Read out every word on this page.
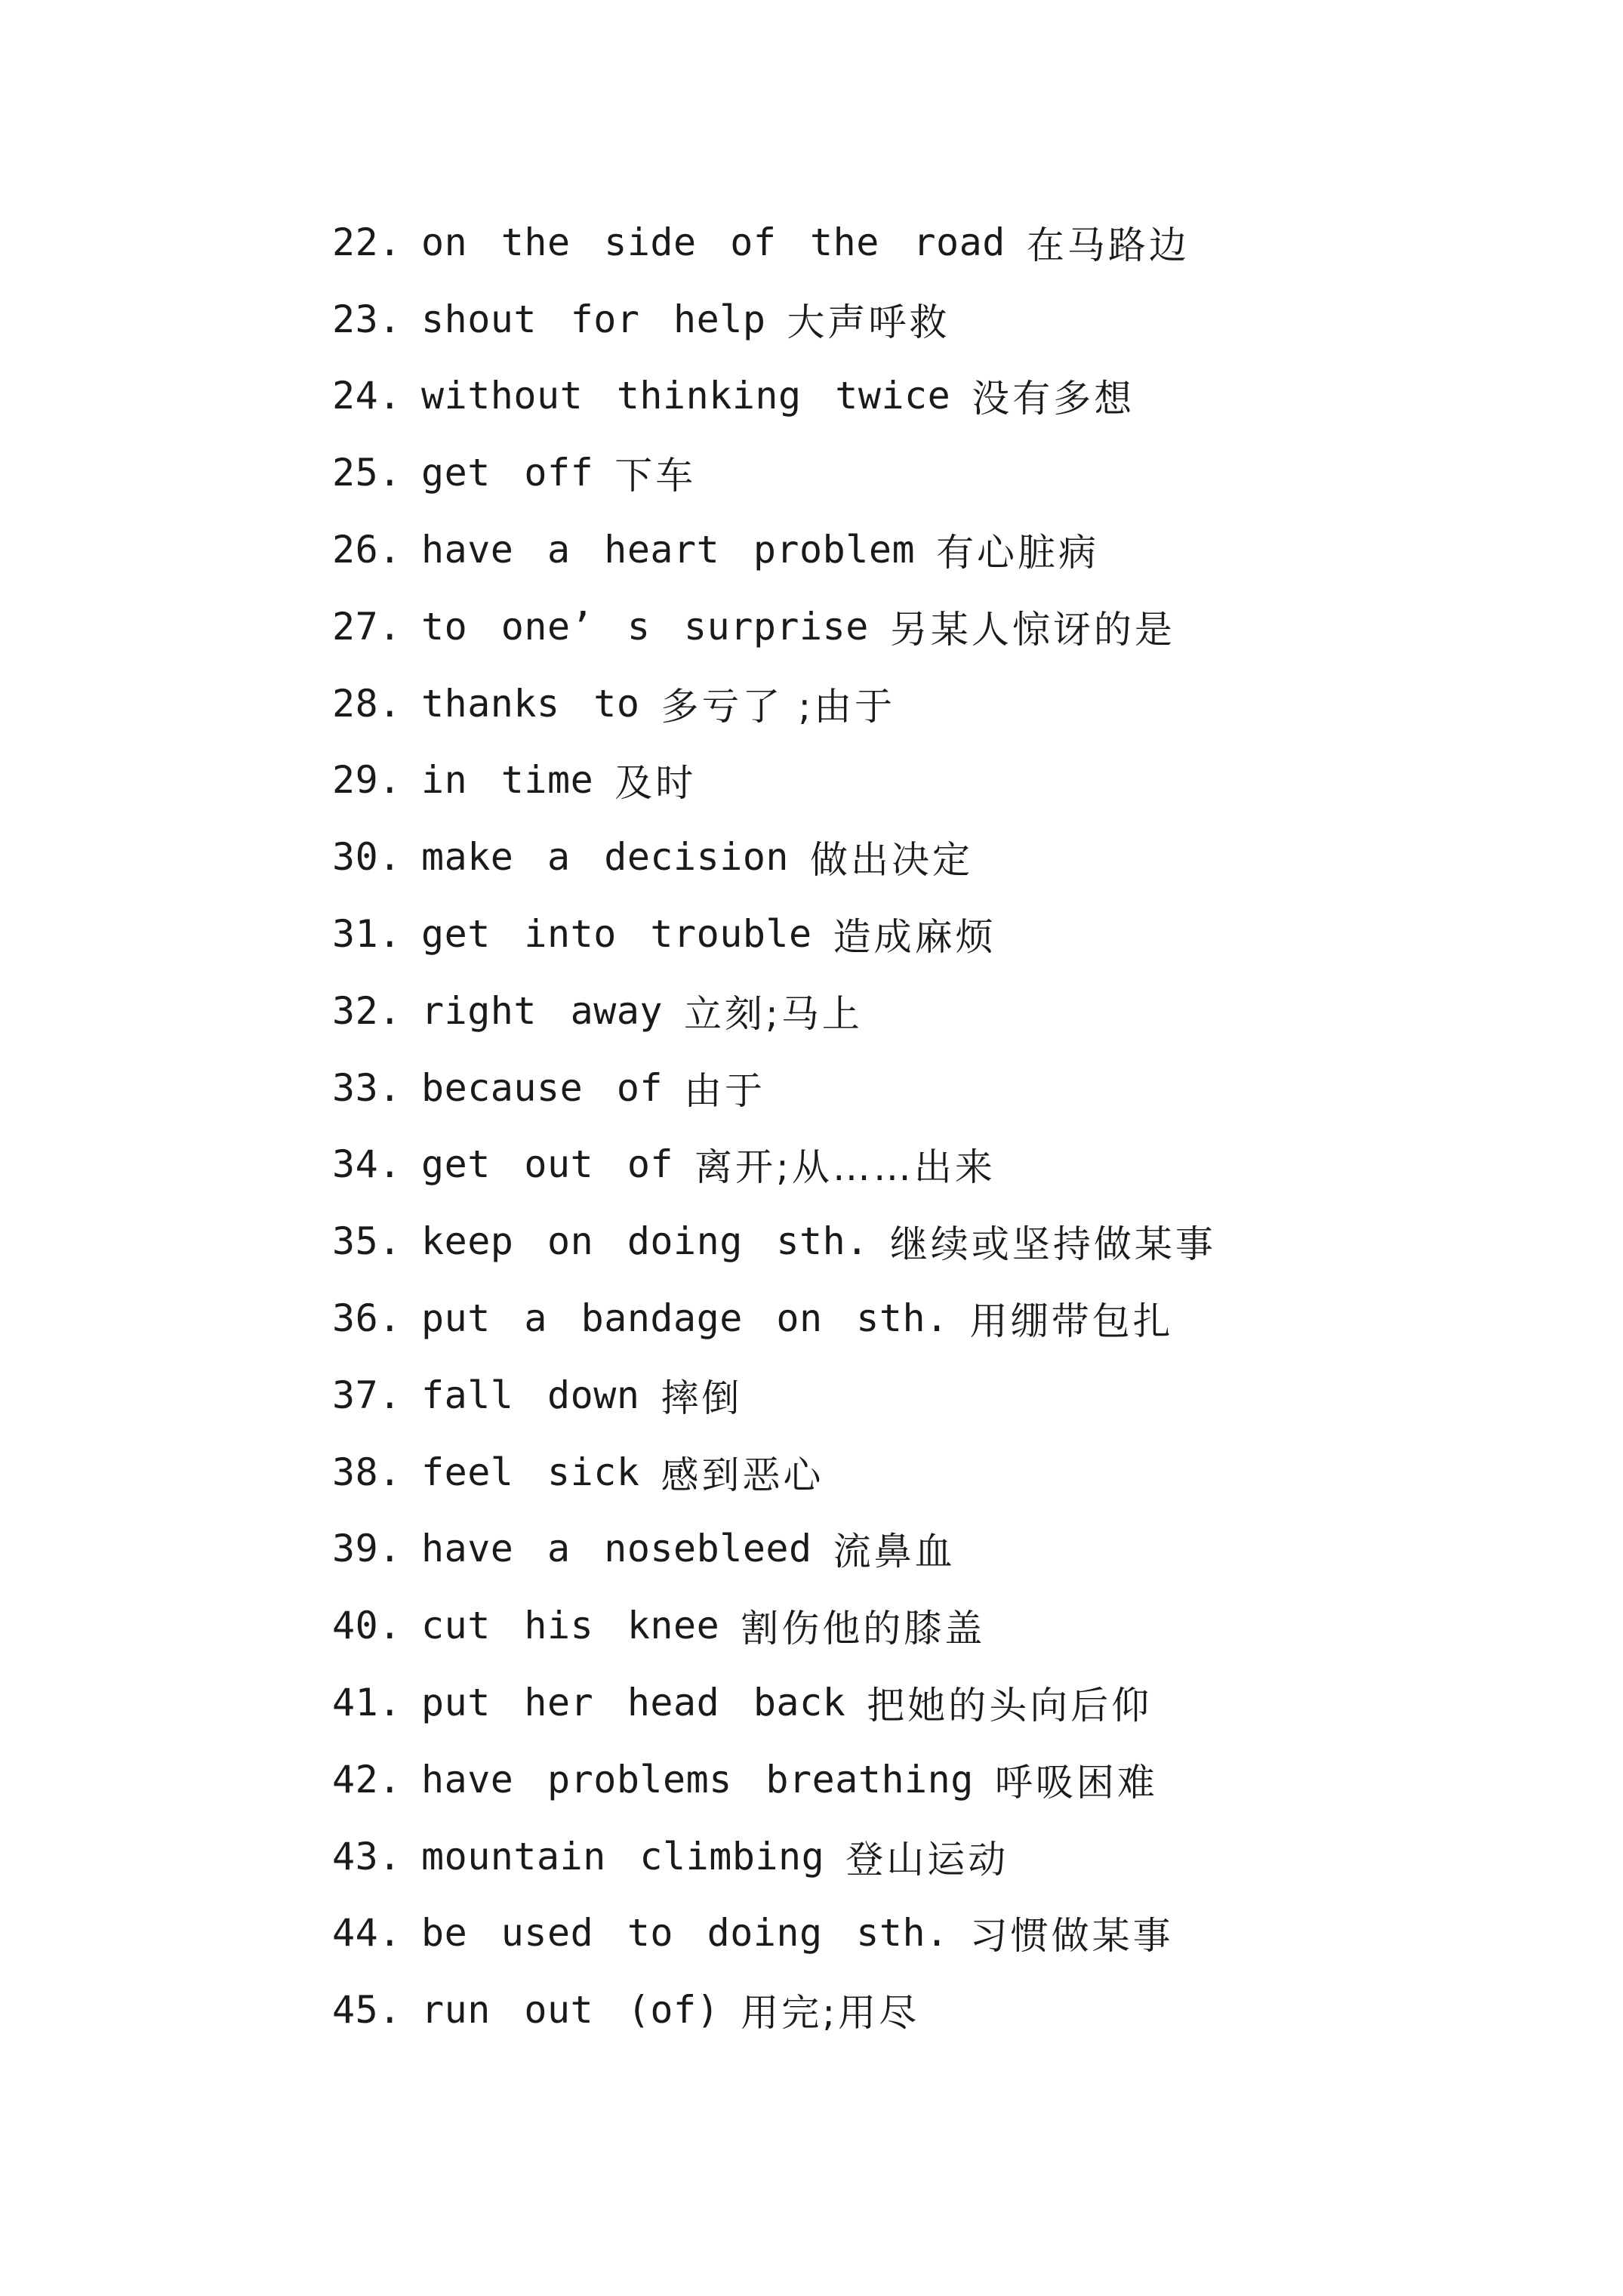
22. on the side of the road 在马路边
23. shout for help 大声呼救
24. without thinking twice 没有多想
25. get off 下车
26. have a heart problem 有心脏病
27. to one’ s surprise 另某人惊讶的是
28. thanks to 多亏了 ;由于
29. in time 及时
30. make a decision 做出决定
31. get into trouble 造成麻烦
32. right away 立刻;马上
33. because of 由于
34. get out of 离开;从……出来
35. keep on doing sth. 继续或坚持做某事
36. put a bandage on sth. 用绷带包扎
37. fall down 摔倒
38. feel sick 感到恶心
39. have a nosebleed 流鼻血
40. cut his knee 割伤他的膝盖
41. put her head back 把她的头向后仰
42. have problems breathing 呼吸困难
43. mountain climbing 登山运动
44. be used to doing sth. 习惯做某事
45. run out (of) 用完;用尽
